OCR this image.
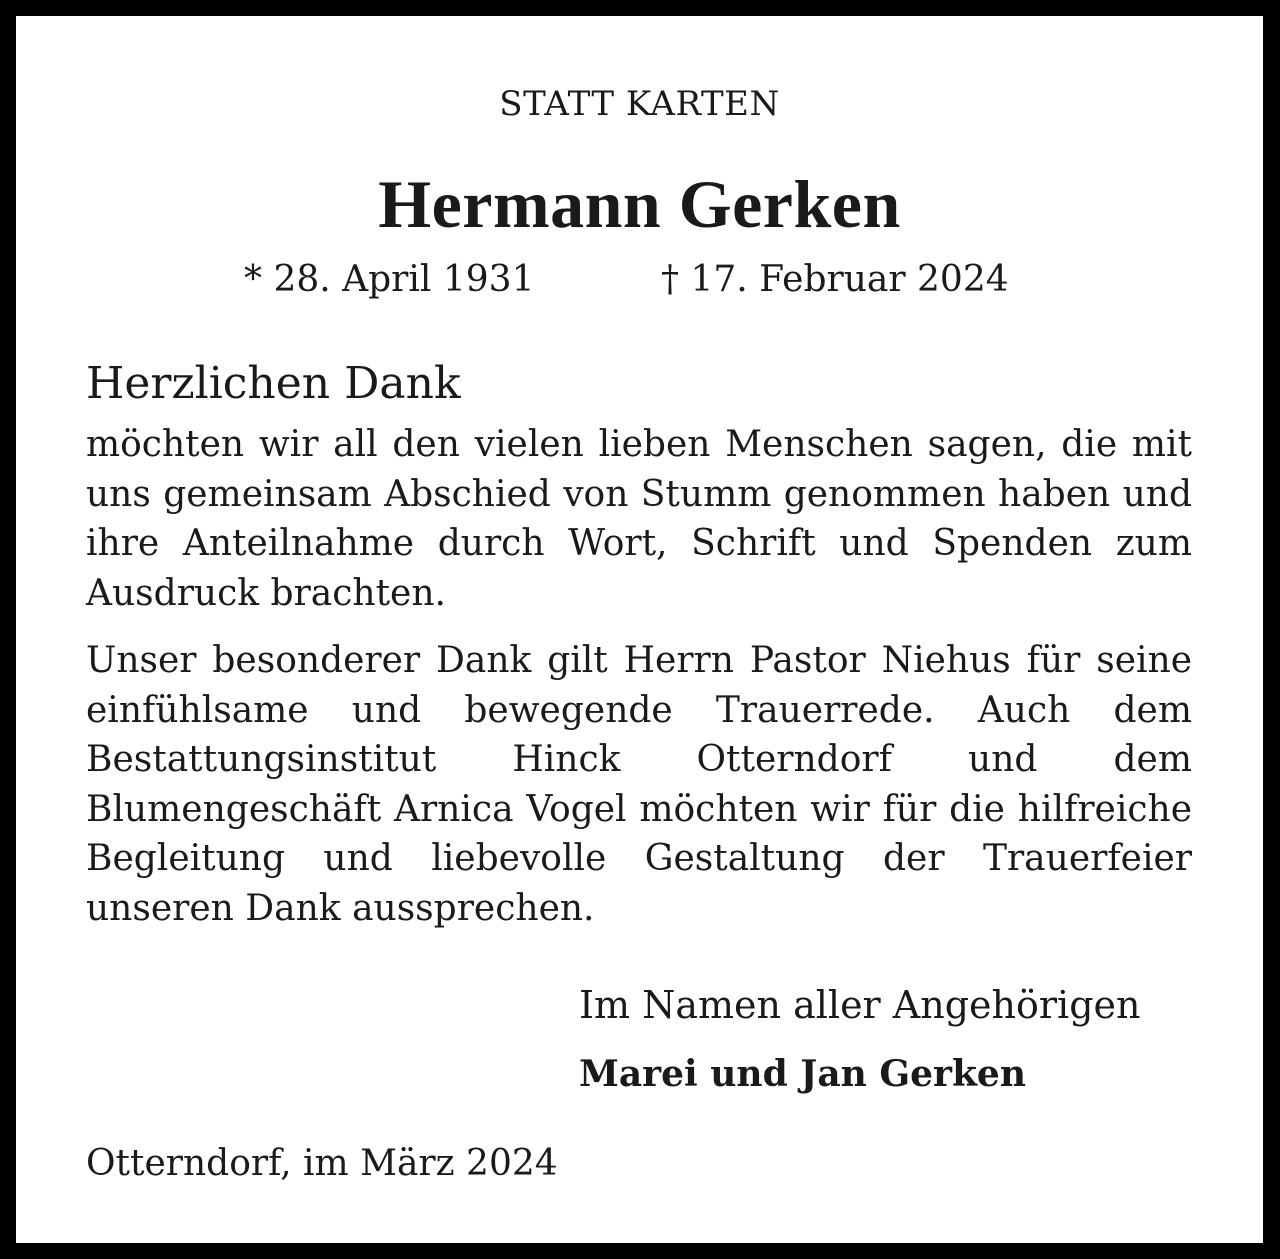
STATT KARTEN
Hermann Gerken
* 28. April 1931	† 17. Februar 2024
Herzlichen Dank

möchten wir all den vielen lieben Menschen sagen, die mit uns gemeinsam Abschied von Stumm genommen haben und ihre Anteilnahme durch Wort, Schrift und Spenden zum Ausdruck brachten.

Unser besonderer Dank gilt Herrn Pastor Niehus für seine einfühlsame und bewegende Trauerrede. Auch dem Bestattungsinstitut Hinck Otterndorf und dem Blumengeschäft Arnica Vogel möchten wir für die hilfreiche Begleitung und liebevolle Gestaltung der Trauerfeier unseren Dank aussprechen.

Im Namen aller Angehörigen
Marei und Jan Gerken
Otterndorf, im März 2024
